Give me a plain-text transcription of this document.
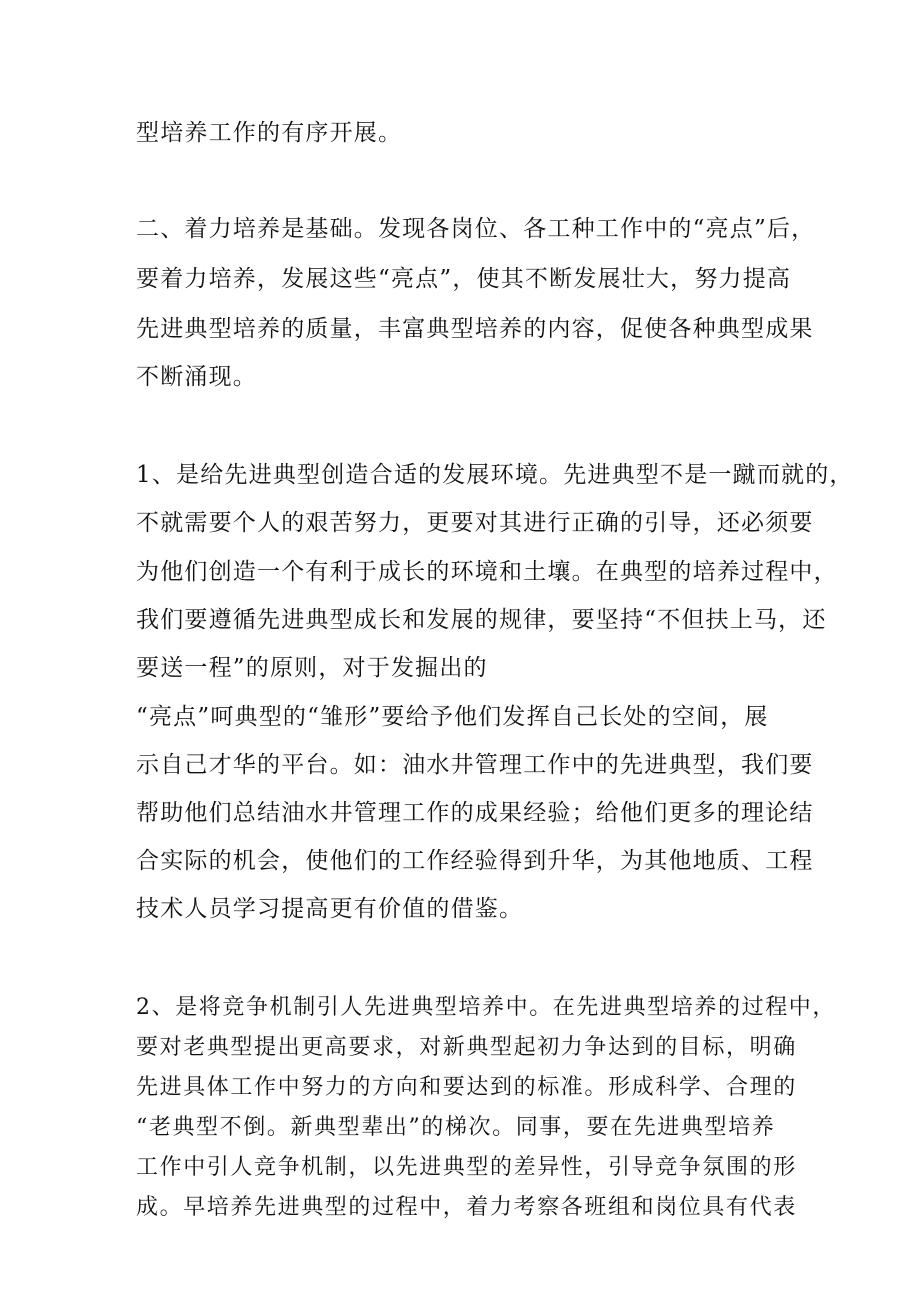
型培养工作的有序开展。
二、着力培养是基础。发现各岗位、各工种工作中的“亮点”后，
要着力培养，发展这些“亮点”，使其不断发展壮大，努力提高
先进典型培养的质量，丰富典型培养的内容，促使各种典型成果
不断涌现。
1、是给先进典型创造合适的发展环境。先进典型不是一蹴而就的，
不就需要个人的艰苦努力，更要对其进行正确的引导，还必须要
为他们创造一个有利于成长的环境和土壤。在典型的培养过程中，
我们要遵循先进典型成长和发展的规律，要坚持“不但扶上马，还
要送一程”的原则，对于发掘出的
“亮点”呵典型的“雏形”要给予他们发挥自己长处的空间，展
示自己才华的平台。如：油水井管理工作中的先进典型，我们要
帮助他们总结油水井管理工作的成果经验；给他们更多的理论结
合实际的机会，使他们的工作经验得到升华，为其他地质、工程
技术人员学习提高更有价值的借鉴。
2、是将竞争机制引人先进典型培养中。在先进典型培养的过程中，
要对老典型提出更高要求，对新典型起初力争达到的目标，明确
先进具体工作中努力的方向和要达到的标准。形成科学、合理的
“老典型不倒。新典型辈出”的梯次。同事，要在先进典型培养
工作中引人竞争机制，以先进典型的差异性，引导竞争氛围的形
成。早培养先进典型的过程中，着力考察各班组和岗位具有代表
